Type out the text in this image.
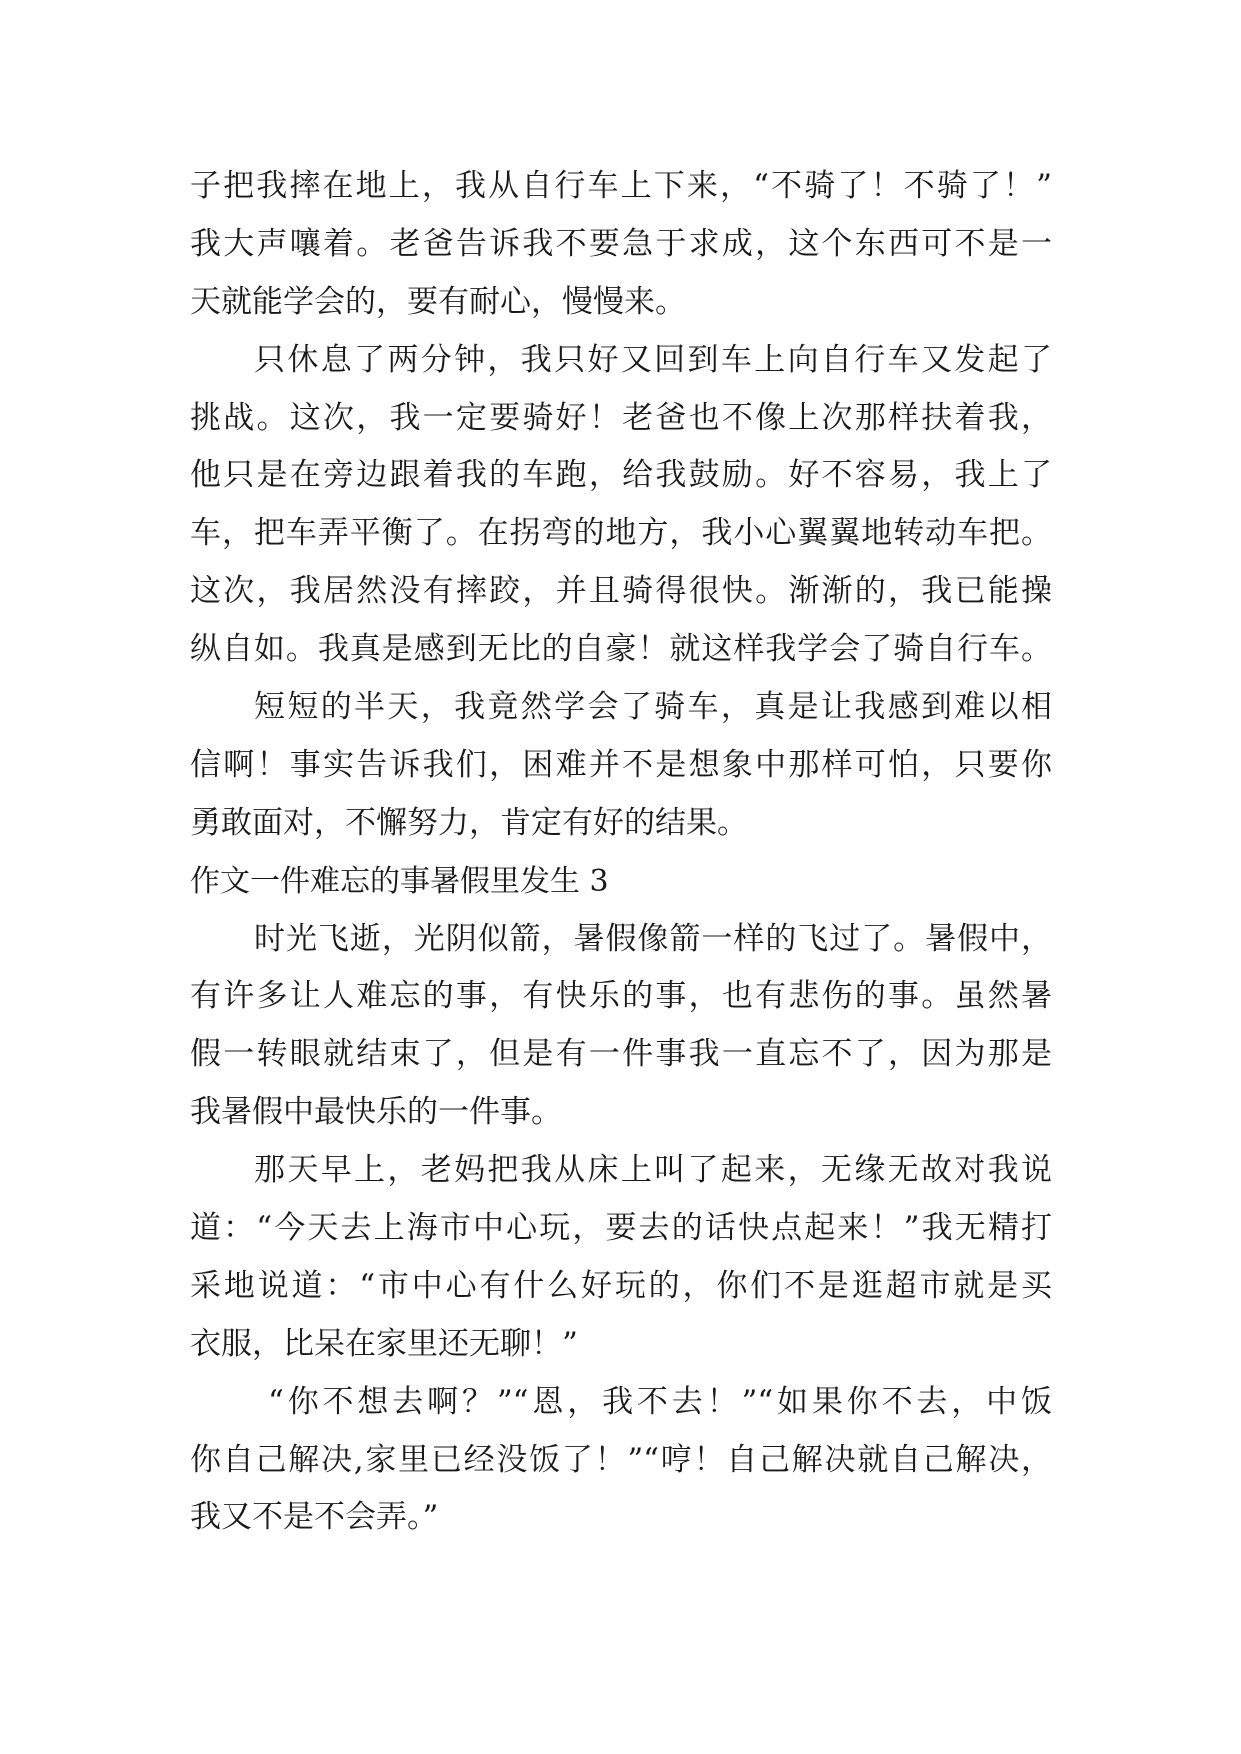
子把我摔在地上，我从自行车上下来，“不骑了！不骑了！”
我大声嚷着。老爸告诉我不要急于求成，这个东西可不是一
天就能学会的，要有耐心，慢慢来。
只休息了两分钟，我只好又回到车上向自行车又发起了
挑战。这次，我一定要骑好！老爸也不像上次那样扶着我，
他只是在旁边跟着我的车跑，给我鼓励。好不容易，我上了
车，把车弄平衡了。在拐弯的地方，我小心翼翼地转动车把。
这次，我居然没有摔跤，并且骑得很快。渐渐的，我已能操
纵自如。我真是感到无比的自豪！就这样我学会了骑自行车。
短短的半天，我竟然学会了骑车，真是让我感到难以相
信啊！事实告诉我们，困难并不是想象中那样可怕，只要你
勇敢面对，不懈努力，肯定有好的结果。
作文一件难忘的事暑假里发生 3
时光飞逝，光阴似箭，暑假像箭一样的飞过了。暑假中，
有许多让人难忘的事，有快乐的事，也有悲伤的事。虽然暑
假一转眼就结束了，但是有一件事我一直忘不了，因为那是
我暑假中最快乐的一件事。
那天早上，老妈把我从床上叫了起来，无缘无故对我说
道：“今天去上海市中心玩，要去的话快点起来！”我无精打
采地说道：“市中心有什么好玩的，你们不是逛超市就是买
衣服，比呆在家里还无聊！”
“你不想去啊？”“恩，我不去！”“如果你不去，中饭
你自己解决,家里已经没饭了！”“哼！自己解决就自己解决，
我又不是不会弄。”
